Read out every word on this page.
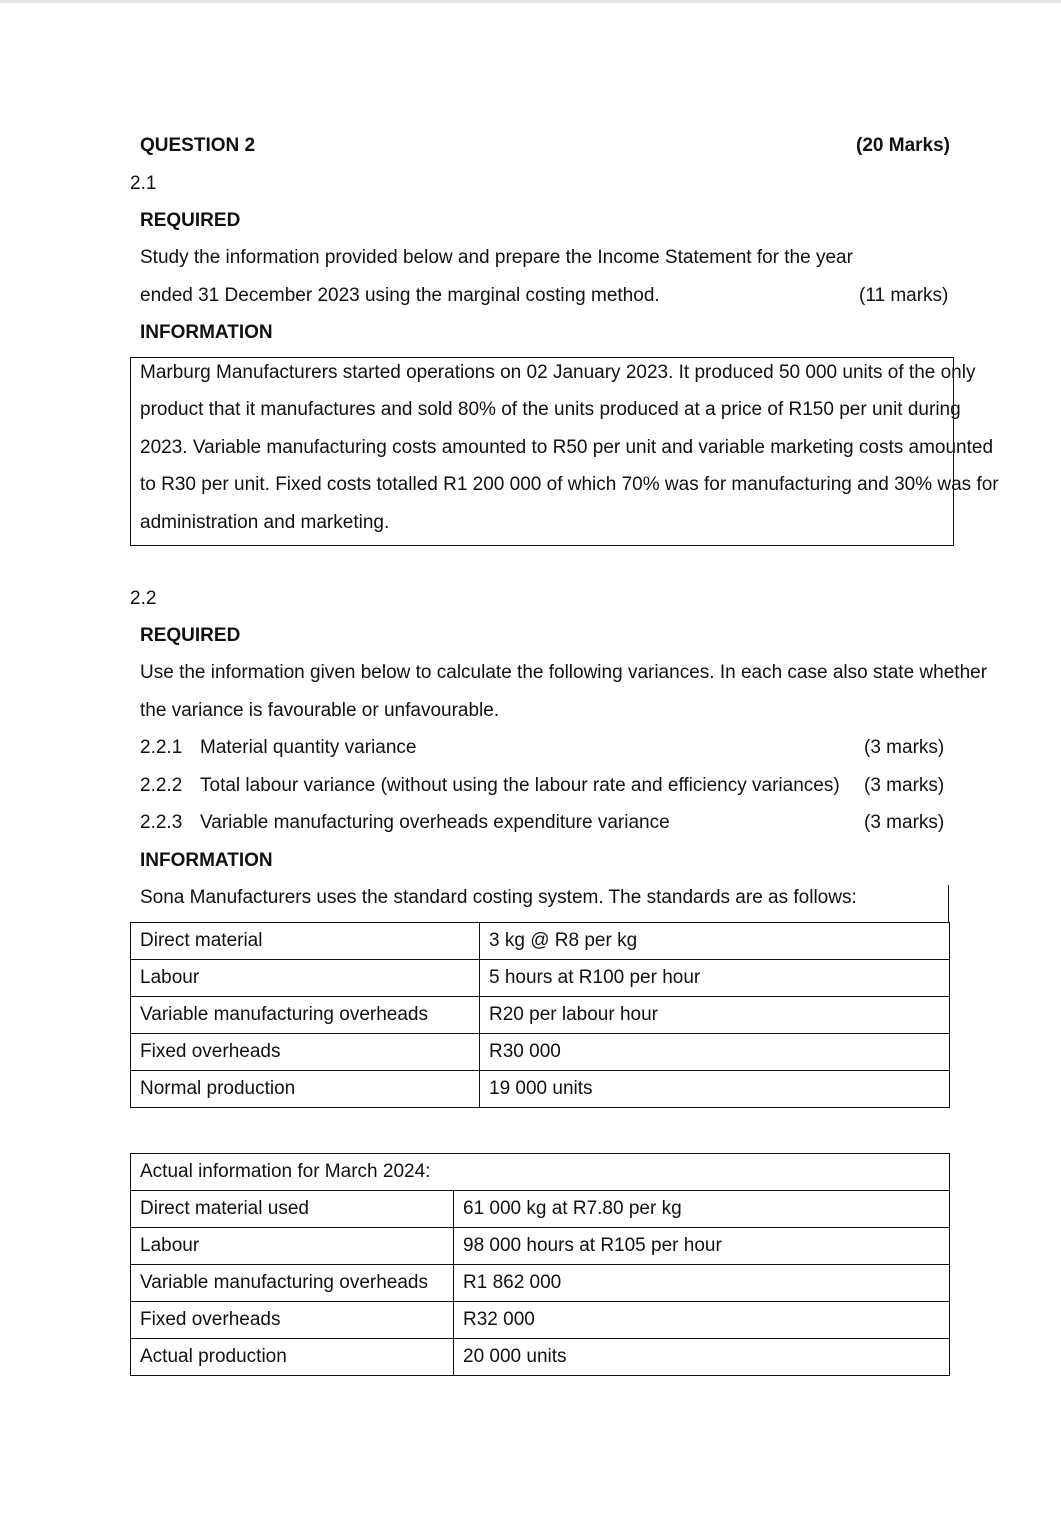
QUESTION 2	(20 Marks)
2.1
REQUIRED
Study the information provided below and prepare the Income Statement for the year
ended 31 December 2023 using the marginal costing method.	(11 marks)
INFORMATION
Marburg Manufacturers started operations on 02 January 2023. It produced 50 000 units of the only
product that it manufactures and sold 80% of the units produced at a price of R150 per unit during
2023. Variable manufacturing costs amounted to R50 per unit and variable marketing costs amounted
to R30 per unit. Fixed costs totalled R1 200 000 of which 70% was for manufacturing and 30% was for
administration and marketing.
2.2
REQUIRED
Use the information given below to calculate the following variances. In each case also state whether
the variance is favourable or unfavourable.
2.2.1 Material quantity variance	(3 marks)
2.2.2 Total labour variance (without using the labour rate and efficiency variances) (3 marks)
2.2.3 Variable manufacturing overheads expenditure variance	(3 marks)
INFORMATION
Sona Manufacturers uses the standard costing system. The standards are as follows:
Direct material	3 kg @ R8 per kg
Labour	5 hours at R100 per hour
Variable manufacturing overheads	R20 per labour hour
Fixed overheads	R30 000
Normal production	19 000 units
Actual information for March 2024:	
Direct material used	61 000 kg at R7.80 per kg
Labour	98 000 hours at R105 per hour
Variable manufacturing overheads	R1 862 000
Fixed overheads	R32 000
Actual production	20 000 units
